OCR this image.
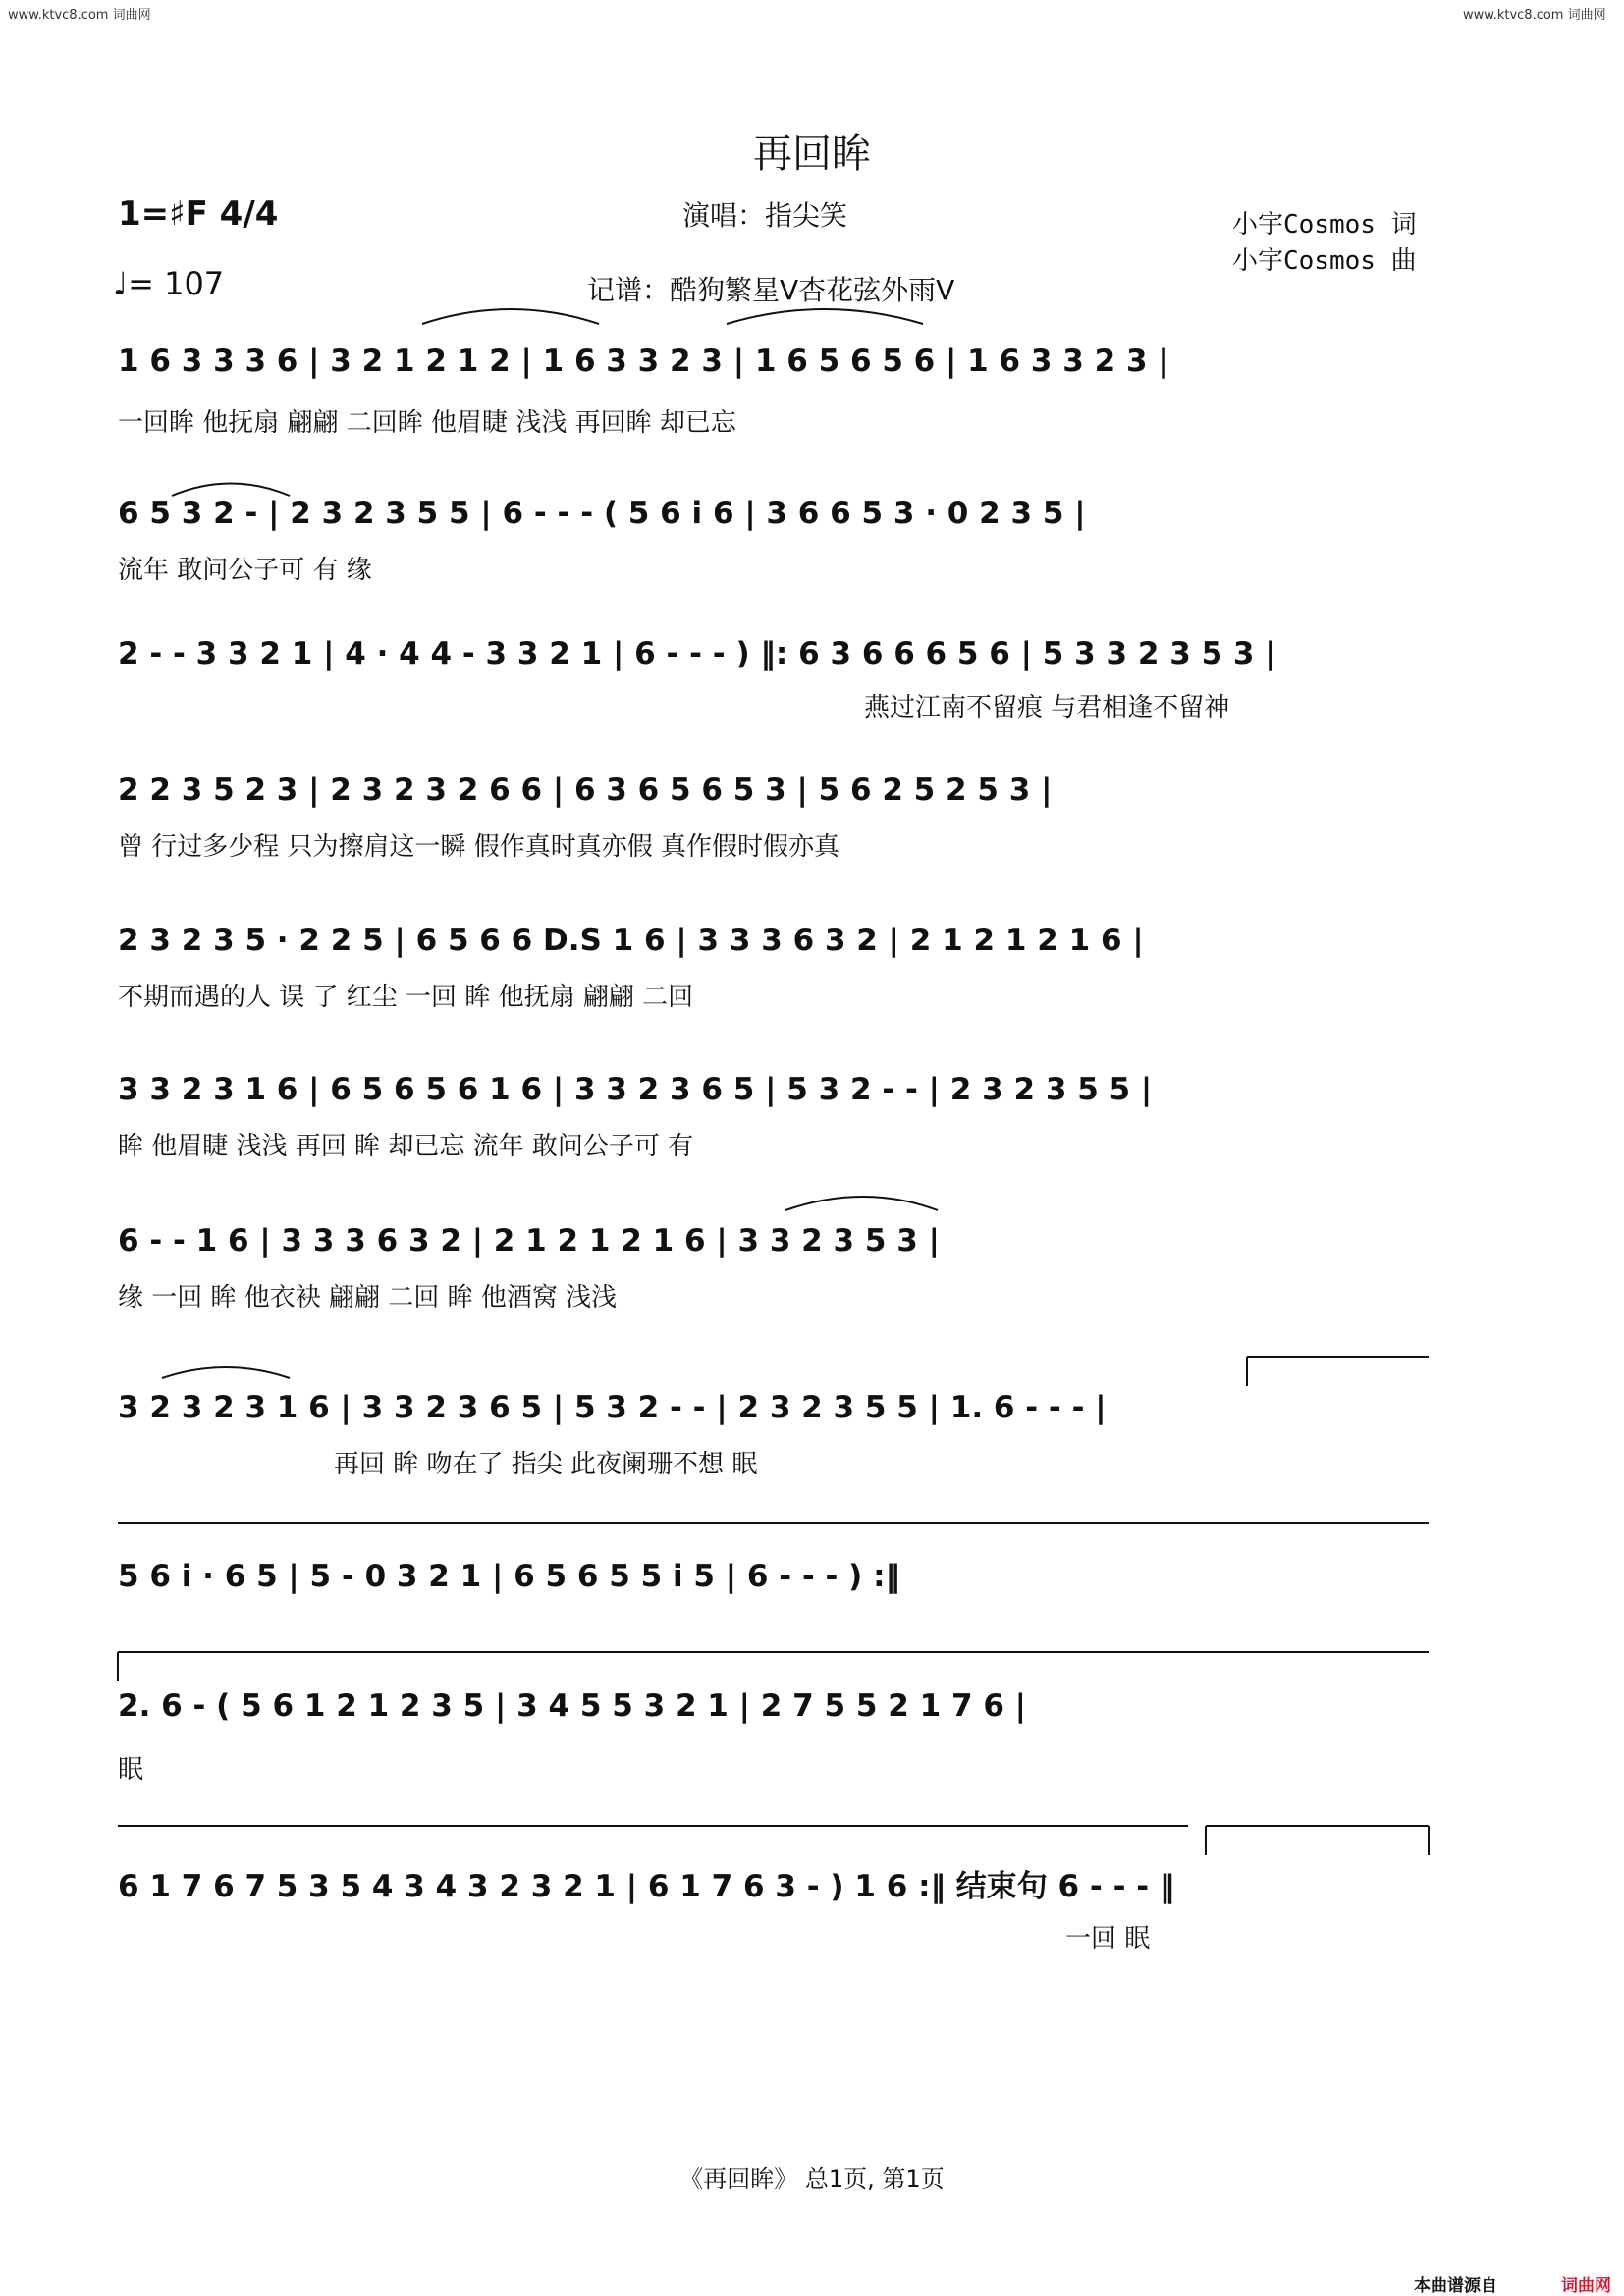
www.ktvc8.com 词曲网	www.ktvc8.com 词曲网
再回眸
1=♯F 4/4
♩= 107
演唱：指尖笑
记谱：酷狗繁星V杏花弦外雨V
小宇Cosmos 词
小宇Cosmos 曲
1 6 3 3 3 6 | 3 2 1 2 1 2 | 1 6 3 3 2 3 | 1 6 5 6 5 6 | 1 6 3 3 2 3 |
一回眸 他抚扇 翩翩 二回眸 他眉睫 浅浅 再回眸 却已忘
6 5 3 2 - | 2 3 2 3 5 5 | 6 - - - ( 5 6 i 6 | 3 6 6 5 3 · 0 2 3 5 |
流年 敢问公子可 有 缘
2 - - 3 3 2 1 | 4 · 4 4 - 3 3 2 1 | 6 - - - ) ‖: 6 3 6 6 6 5 6 | 5 3 3 2 3 5 3 |
燕过江南不留痕 与君相逢不留神
2 2 3 5 2 3 | 2 3 2 3 2 6 6 | 6 3 6 5 6 5 3 | 5 6 2 5 2 5 3 |
曾 行过多少程 只为擦肩这一瞬 假作真时真亦假 真作假时假亦真
2 3 2 3 5 · 2 2 5 | 6 5 6 6 D.S 1 6 | 3 3 3 6 3 2 | 2 1 2 1 2 1 6 |
不期而遇的人 误 了 红尘 一回 眸 他抚扇 翩翩 二回
3 3 2 3 1 6 | 6 5 6 5 6 1 6 | 3 3 2 3 6 5 | 5 3 2 - - | 2 3 2 3 5 5 |
眸 他眉睫 浅浅 再回 眸 却已忘 流年 敢问公子可 有
6 - - 1 6 | 3 3 3 6 3 2 | 2 1 2 1 2 1 6 | 3 3 2 3 5 3 |
缘 一回 眸 他衣袂 翩翩 二回 眸 他酒窝 浅浅
3 2 3 2 3 1 6 | 3 3 2 3 6 5 | 5 3 2 - - | 2 3 2 3 5 5 | 1. 6 - - - |
再回 眸 吻在了 指尖 此夜阑珊不想 眠
5 6 i · 6 5 | 5 - 0 3 2 1 | 6 5 6 5 5 i 5 | 6 - - - ) :‖
2. 6 - ( 5 6 1 2 1 2 3 5 | 3 4 5 5 3 2 1 | 2 7 5 5 2 1 7 6 |
眠
6 1 7 6 7 5 3 5 4 3 4 3 2 3 2 1 | 6 1 7 6 3 - ) 1 6 :‖ 结束句 6 - - - ‖
一回 眠
《再回眸》 总1页, 第1页
本曲谱源自	词曲网
